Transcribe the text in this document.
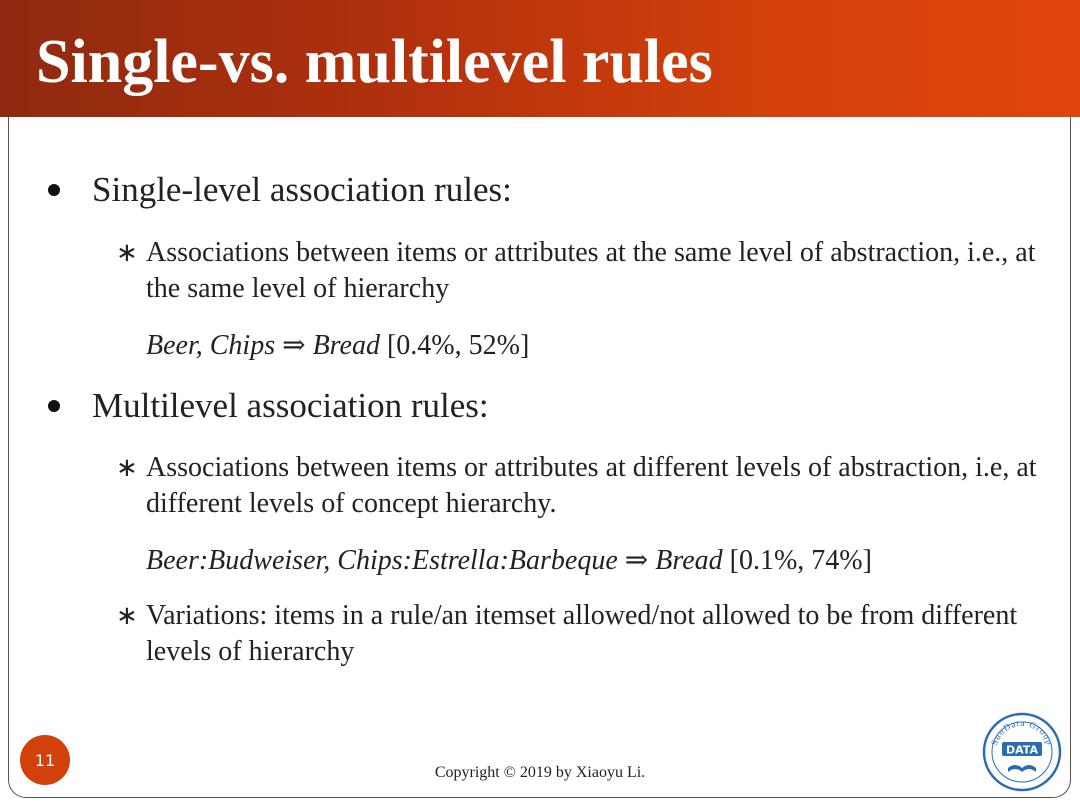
Single-vs. multilevel rules
Single-level association rules:
∗ Associations between items or attributes at the same level of abstraction, i.e., at the same level of hierarchy
Beer, Chips ⇒ Bread [0.4%, 52%]
Multilevel association rules:
∗ Associations between items or attributes at different levels of abstraction, i.e, at different levels of concept hierarchy.
Beer:Budweiser, Chips:Estrella:Barbeque ⇒ Bread [0.1%, 74%]
∗ Variations: items in a rule/an itemset allowed/not allowed to be from different levels of hierarchy
11
Copyright © 2019 by Xiaoyu Li.
SunData Group
DATA
